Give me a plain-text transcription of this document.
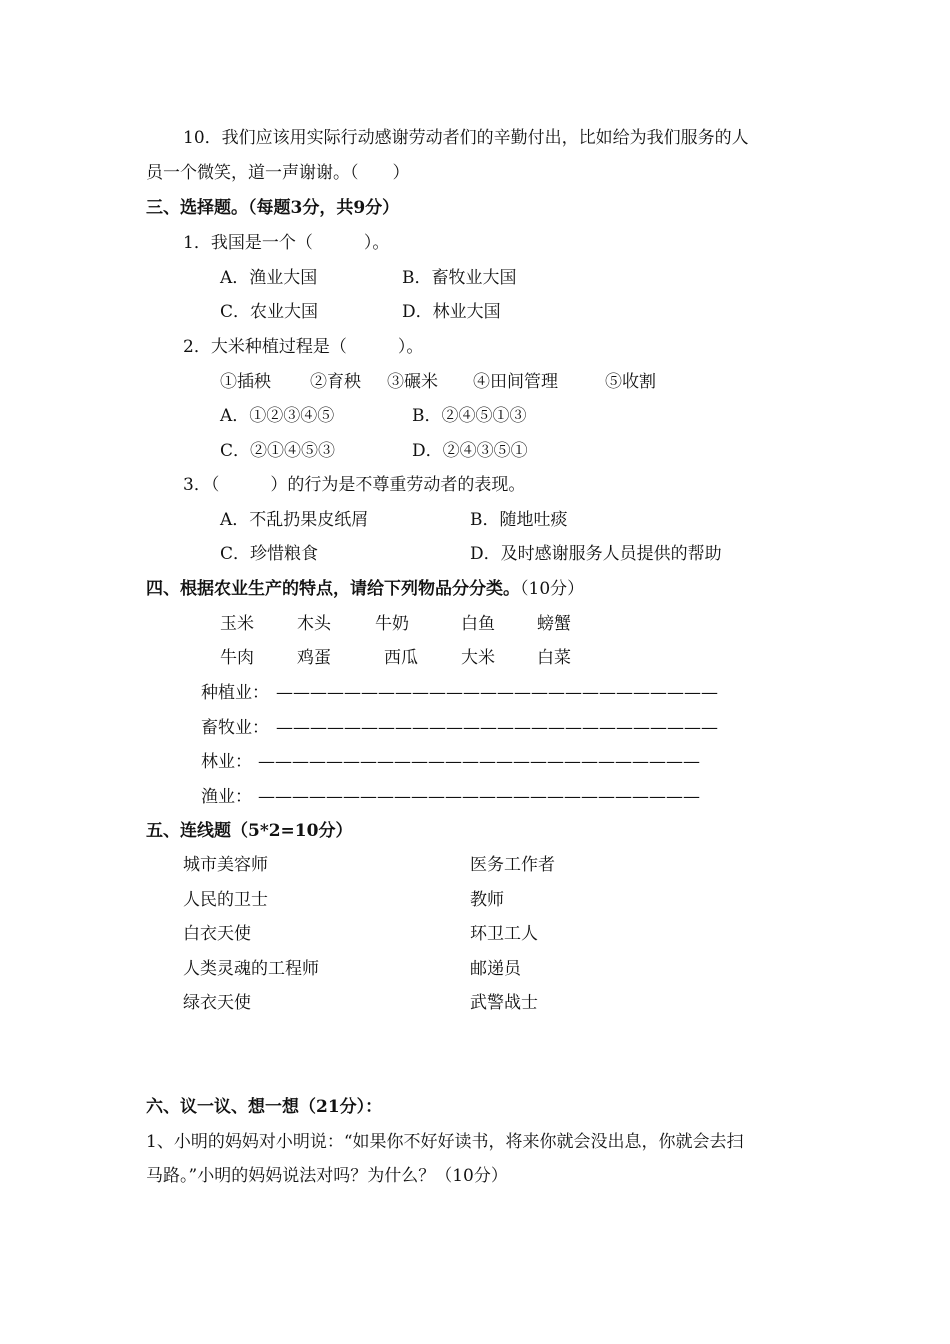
10．我们应该用实际行动感谢劳动者们的辛勤付出，比如给为我们服务的人
员一个微笑，道一声谢谢。（　　）
三、选择题。（每题3分，共9分）
1．我国是一个（　　　）。
A．渔业大国	B．畜牧业大国
C．农业大国	D．林业大国
2．大米种植过程是（　　　）。
①插秧 ②育秧 ③碾米 ④田间管理	⑤收割
A．①②③④⑤	B．②④⑤①③
C．②①④⑤③	D．②④③⑤①
3．（　　　）的行为是不尊重劳动者的表现。
A．不乱扔果皮纸屑	B．随地吐痰
C．珍惜粮食	D．及时感谢服务人员提供的帮助
四、根据农业生产的特点，请给下列物品分分类。（10分）
玉米	木头	牛奶	白鱼 螃蟹
牛肉	鸡蛋	西瓜	大米 白菜
种植业： ——————————————————————————
畜牧业： ——————————————————————————
林业： ——————————————————————————
渔业： ——————————————————————————
五、连线题（5*2=10分）
城市美容师	医务工作者
人民的卫士	教师
白衣天使	环卫工人
人类灵魂的工程师	邮递员
绿衣天使	武警战士
六、议一议、想一想（21分）：
1、小明的妈妈对小明说：“如果你不好好读书，将来你就会没出息，你就会去扫
马路。”小明的妈妈说法对吗？为什么？（10分）
